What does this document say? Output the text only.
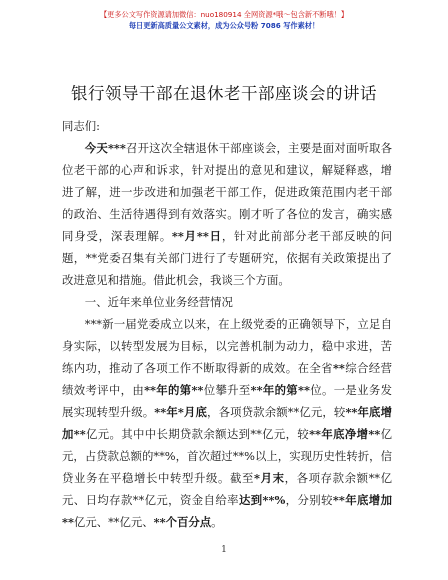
【更多公文写作资源请加微信：nuo180914 全网资源*哦～包含新不断哦！】
每日更新高质量公文素材，成为公众号粉 7086 写作素材！
银行领导干部在退休老干部座谈会的讲话

同志们:

今天***召开这次全辖退休干部座谈会，主要是面对面听取各位老干部的心声和诉求，针对提出的意见和建议，解疑释惑，增进了解，进一步改进和加强老干部工作，促进政策范围内老干部的政治、生活待遇得到有效落实。刚才听了各位的发言，确实感同身受，深表理解。**月**日，针对此前部分老干部反映的问题，**党委召集有关部门进行了专题研究，依据有关政策提出了改进意见和措施。借此机会，我谈三个方面。

一、近年来单位业务经营情况

***新一届党委成立以来，在上级党委的正确领导下，立足自身实际，以转型发展为目标，以完善机制为动力，稳中求进，苦练内功，推动了各项工作不断取得新的成效。在全省**综合经营绩效考评中，由**年的第**位攀升至**年的第**位。一是业务发展实现转型升级。**年*月底，各项贷款余额**亿元，较**年底增加**亿元。其中中长期贷款余额达到**亿元，较**年底净增**亿元，占贷款总额的**%，首次超过**%以上，实现历史性转折，信贷业务在平稳增长中转型升级。截至*月末，各项存款余额**亿元、日均存款**亿元，资金自给率达到**%，分别较**年底增加**亿元、**亿元、**个百分点。

1
